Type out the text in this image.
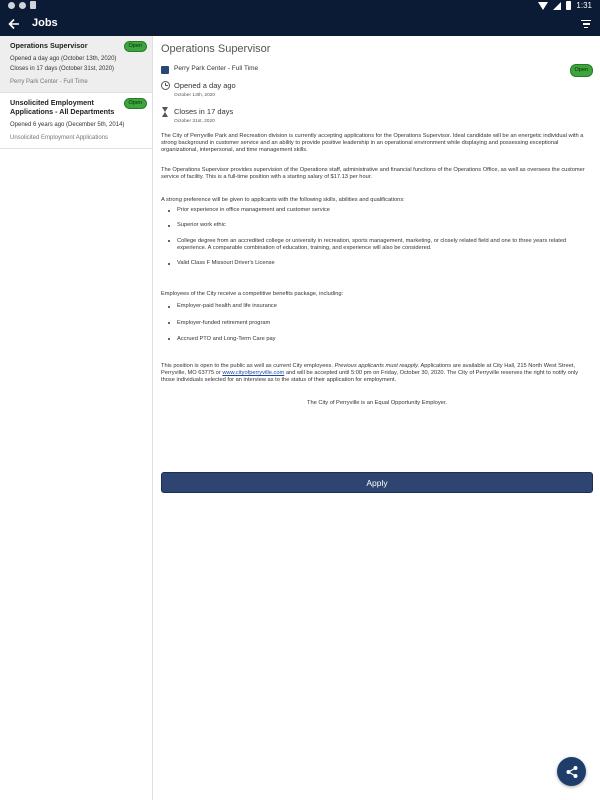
1:31
Jobs
Operations Supervisor	Open
Opened a day ago (October 13th, 2020)
Closes in 17 days (October 31st, 2020)
Perry Park Center - Full Time
Unsolicited Employment Applications - All Departments
Open
Opened 6 years ago (December 5th, 2014)
Unsolicited Employment Applications
Operations Supervisor
Perry Park Center - Full Time	Open
Opened a day ago
October 13th, 2020
Closes in 17 days
October 31st, 2020

The City of Perryville Park and Recreation division is currently accepting applications for the Operations Supervisor. Ideal candidate will be an energetic individual with a strong background in customer service and an ability to provide positive leadership in an operational environment while displaying and possessing exceptional organizational, interpersonal, and time management skills.

The Operations Supervisor provides supervision of the Operations staff, administrative and financial functions of the Operations Office, as well as oversees the customer service of facility. This is a full-time position with a starting salary of $17.13 per hour.

A strong preference will be given to applicants with the following skills, abilities and qualifications:

Prior experience in office management and customer service
Superior work ethic
College degree from an accredited college or university in recreation, sports management, marketing, or closely related field and one to three years related experience. A comparable combination of education, training, and experience will also be considered.
Valid Class F Missouri Driver's License

Employees of the City receive a competitive benefits package, including:

Employer-paid health and life insurance
Employer-funded retirement program
Accrued PTO and Long-Term Care pay

This position is open to the public as well as current City employees. Previous applicants must reapply. Applications are available at City Hall, 215 North West Street, Perryville, MO 63775 or www.cityofperryville.com and will be accepted until 5:00 pm on Friday, October 30, 2020. The City of Perryville reserves the right to notify only those individuals selected for an interview as to the status of their application for employment.

The City of Perryville is an Equal Opportunity Employer.

Apply
